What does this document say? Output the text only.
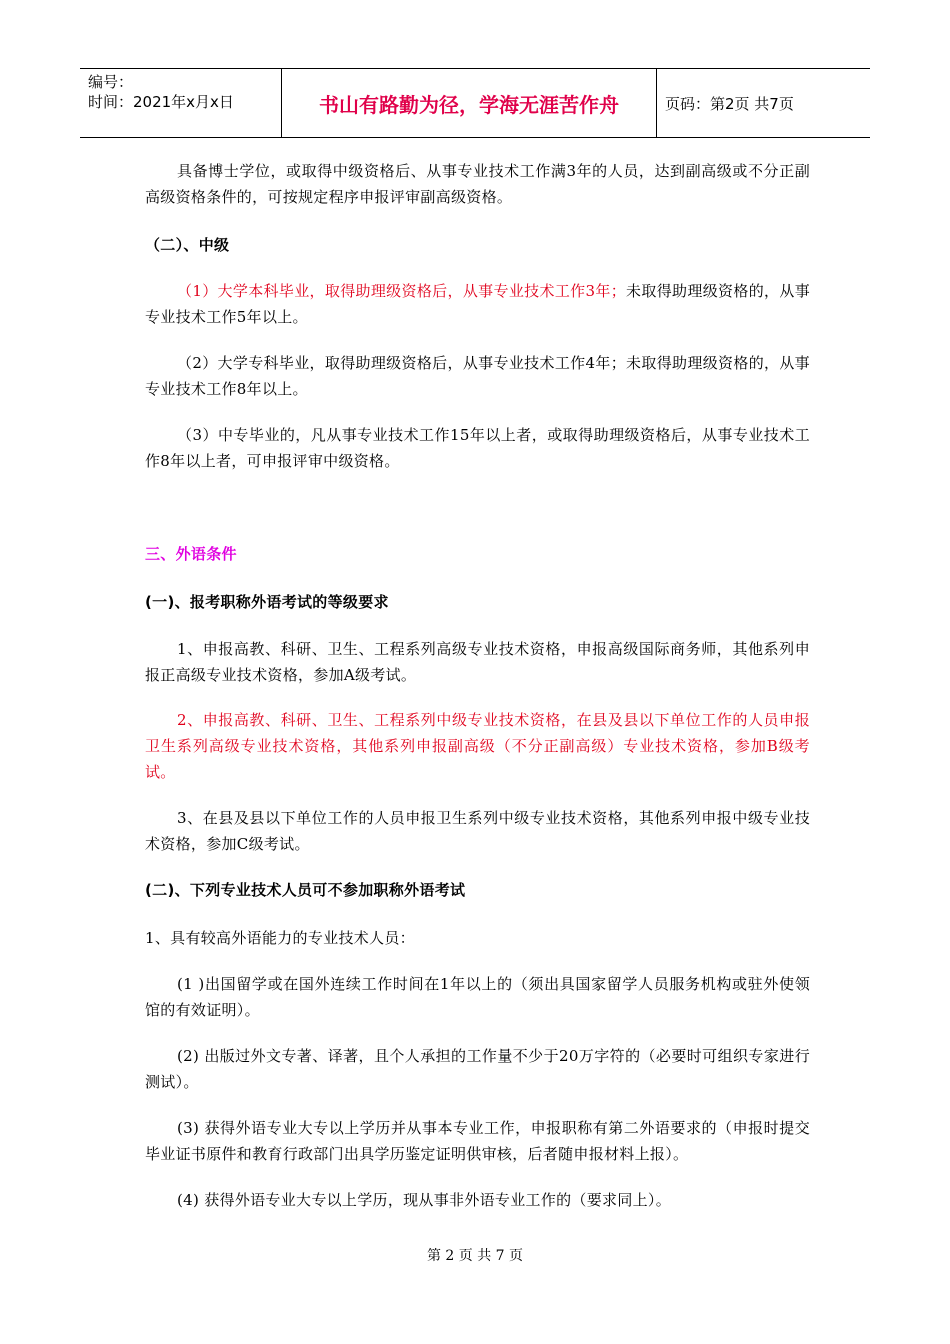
编号：
时间：2021年x月x日	书山有路勤为径，学海无涯苦作舟	页码：第2页 共7页

具备博士学位，或取得中级资格后、从事专业技术工作满3年的人员，达到副高级或不分正副高级资格条件的，可按规定程序申报评审副高级资格。

（二）、中级

（1）大学本科毕业，取得助理级资格后，从事专业技术工作3年；未取得助理级资格的，从事专业技术工作5年以上。

（2）大学专科毕业，取得助理级资格后，从事专业技术工作4年；未取得助理级资格的，从事专业技术工作8年以上。

（3）中专毕业的，凡从事专业技术工作15年以上者，或取得助理级资格后，从事专业技术工作8年以上者，可申报评审中级资格。

三、外语条件

(一)、报考职称外语考试的等级要求

1、申报高教、科研、卫生、工程系列高级专业技术资格，申报高级国际商务师，其他系列申报正高级专业技术资格，参加A级考试。

2、申报高教、科研、卫生、工程系列中级专业技术资格，在县及县以下单位工作的人员申报卫生系列高级专业技术资格，其他系列申报副高级（不分正副高级）专业技术资格，参加B级考试。

3、在县及县以下单位工作的人员申报卫生系列中级专业技术资格，其他系列申报中级专业技术资格，参加C级考试。

(二)、下列专业技术人员可不参加职称外语考试

1、具有较高外语能力的专业技术人员：

(1 )出国留学或在国外连续工作时间在1年以上的（须出具国家留学人员服务机构或驻外使领馆的有效证明）。

(2) 出版过外文专著、译著，且个人承担的工作量不少于20万字符的（必要时可组织专家进行测试）。

(3) 获得外语专业大专以上学历并从事本专业工作，申报职称有第二外语要求的（申报时提交毕业证书原件和教育行政部门出具学历鉴定证明供审核，后者随申报材料上报）。

(4) 获得外语专业大专以上学历，现从事非外语专业工作的（要求同上）。

第 2 页 共 7 页
